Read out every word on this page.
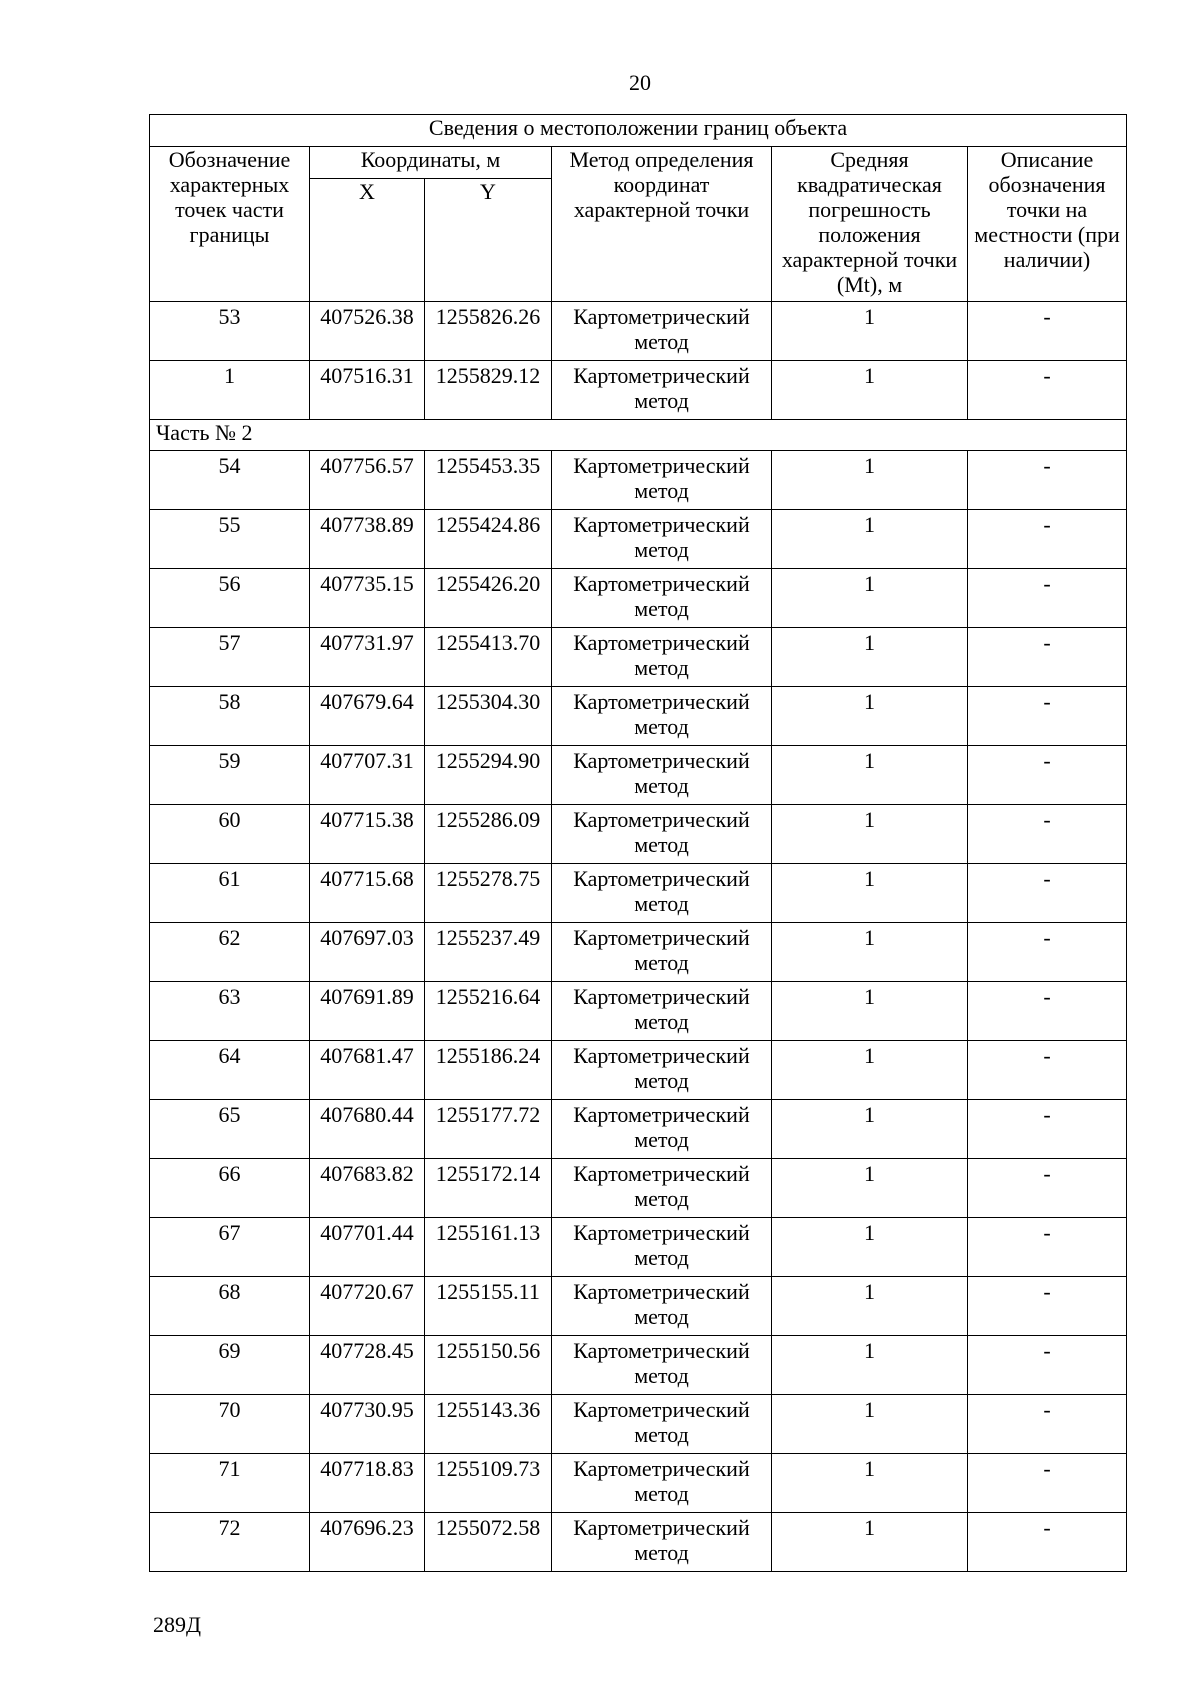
20
Сведения о местоположении границ объекта					
Обозначение характерных точек части границы	Координаты, м		Метод определения координат характерной точки	Средняя квадратическая погрешность положения характерной точки (Mt), м	Описание обозначения точки на местности (при наличии)
	X	Y			
53	407526.38	1255826.26	Картометрический метод	1	-
1	407516.31	1255829.12	Картометрический метод	1	-
Часть № 2					
54	407756.57	1255453.35	Картометрический метод	1	-
55	407738.89	1255424.86	Картометрический метод	1	-
56	407735.15	1255426.20	Картометрический метод	1	-
57	407731.97	1255413.70	Картометрический метод	1	-
58	407679.64	1255304.30	Картометрический метод	1	-
59	407707.31	1255294.90	Картометрический метод	1	-
60	407715.38	1255286.09	Картометрический метод	1	-
61	407715.68	1255278.75	Картометрический метод	1	-
62	407697.03	1255237.49	Картометрический метод	1	-
63	407691.89	1255216.64	Картометрический метод	1	-
64	407681.47	1255186.24	Картометрический метод	1	-
65	407680.44	1255177.72	Картометрический метод	1	-
66	407683.82	1255172.14	Картометрический метод	1	-
67	407701.44	1255161.13	Картометрический метод	1	-
68	407720.67	1255155.11	Картометрический метод	1	-
69	407728.45	1255150.56	Картометрический метод	1	-
70	407730.95	1255143.36	Картометрический метод	1	-
71	407718.83	1255109.73	Картометрический метод	1	-
72	407696.23	1255072.58	Картометрический метод	1	-
289Д
